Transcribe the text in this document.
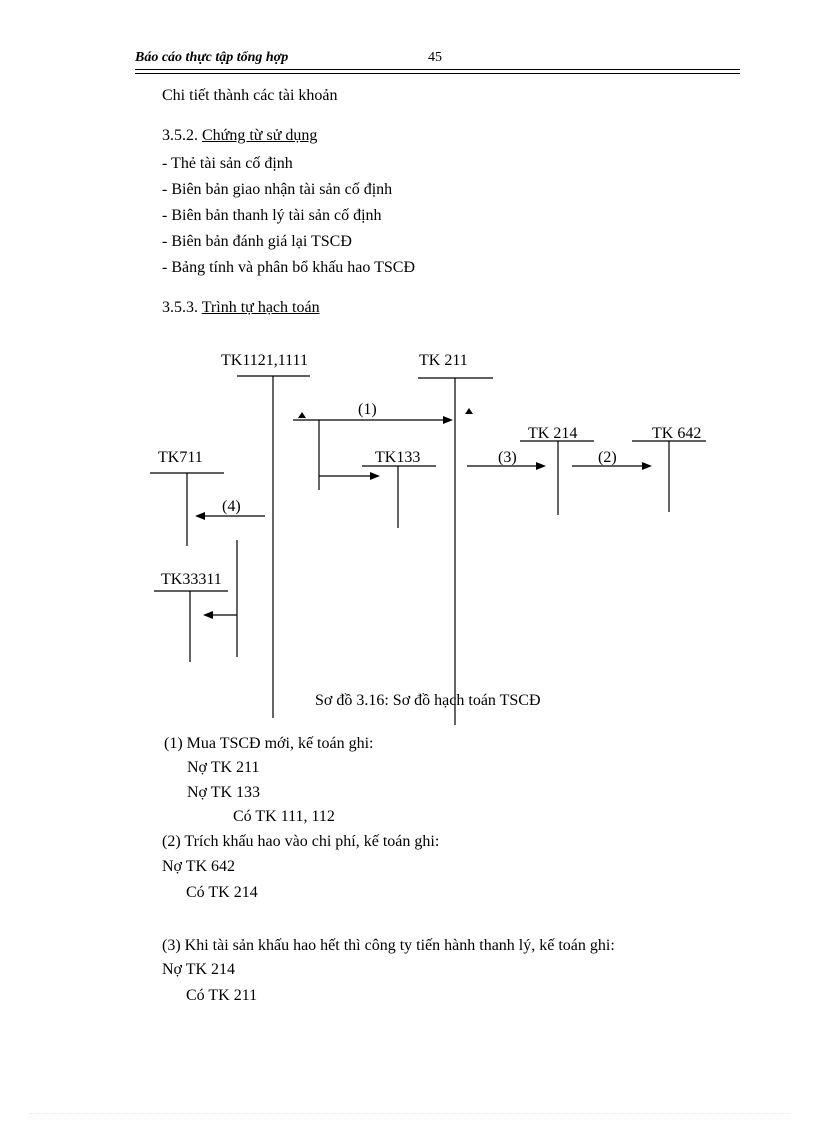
Báo cáo thực tập tổng hợp	45
Chi tiết thành các tài khoản
3.5.2. Chứng từ sử dụng
- Thẻ tài sản cố định
- Biên bản giao nhận tài sản cố định
- Biên bản thanh lý tài sản cố định
- Biên bản đánh giá lại TSCĐ
- Bảng tính và phân bổ khấu hao TSCĐ
3.5.3. Trình tự hạch toán
TK1121,1111	TK 211
TK 214	TK 642
TK711	TK133
TK33311
(1)
(2)
(3)
(4)
Sơ đồ 3.16: Sơ đồ hạch toán TSCĐ
(1) Mua TSCĐ mới, kế toán ghi:
Nợ TK 211
Nợ TK 133
Có TK 111, 112
(2) Trích khấu hao vào chi phí, kế toán ghi:
Nợ TK 642
Có TK 214
(3) Khi tài sản khấu hao hết thì công ty tiến hành thanh lý, kế toán ghi:
Nợ TK 214
Có TK 211
